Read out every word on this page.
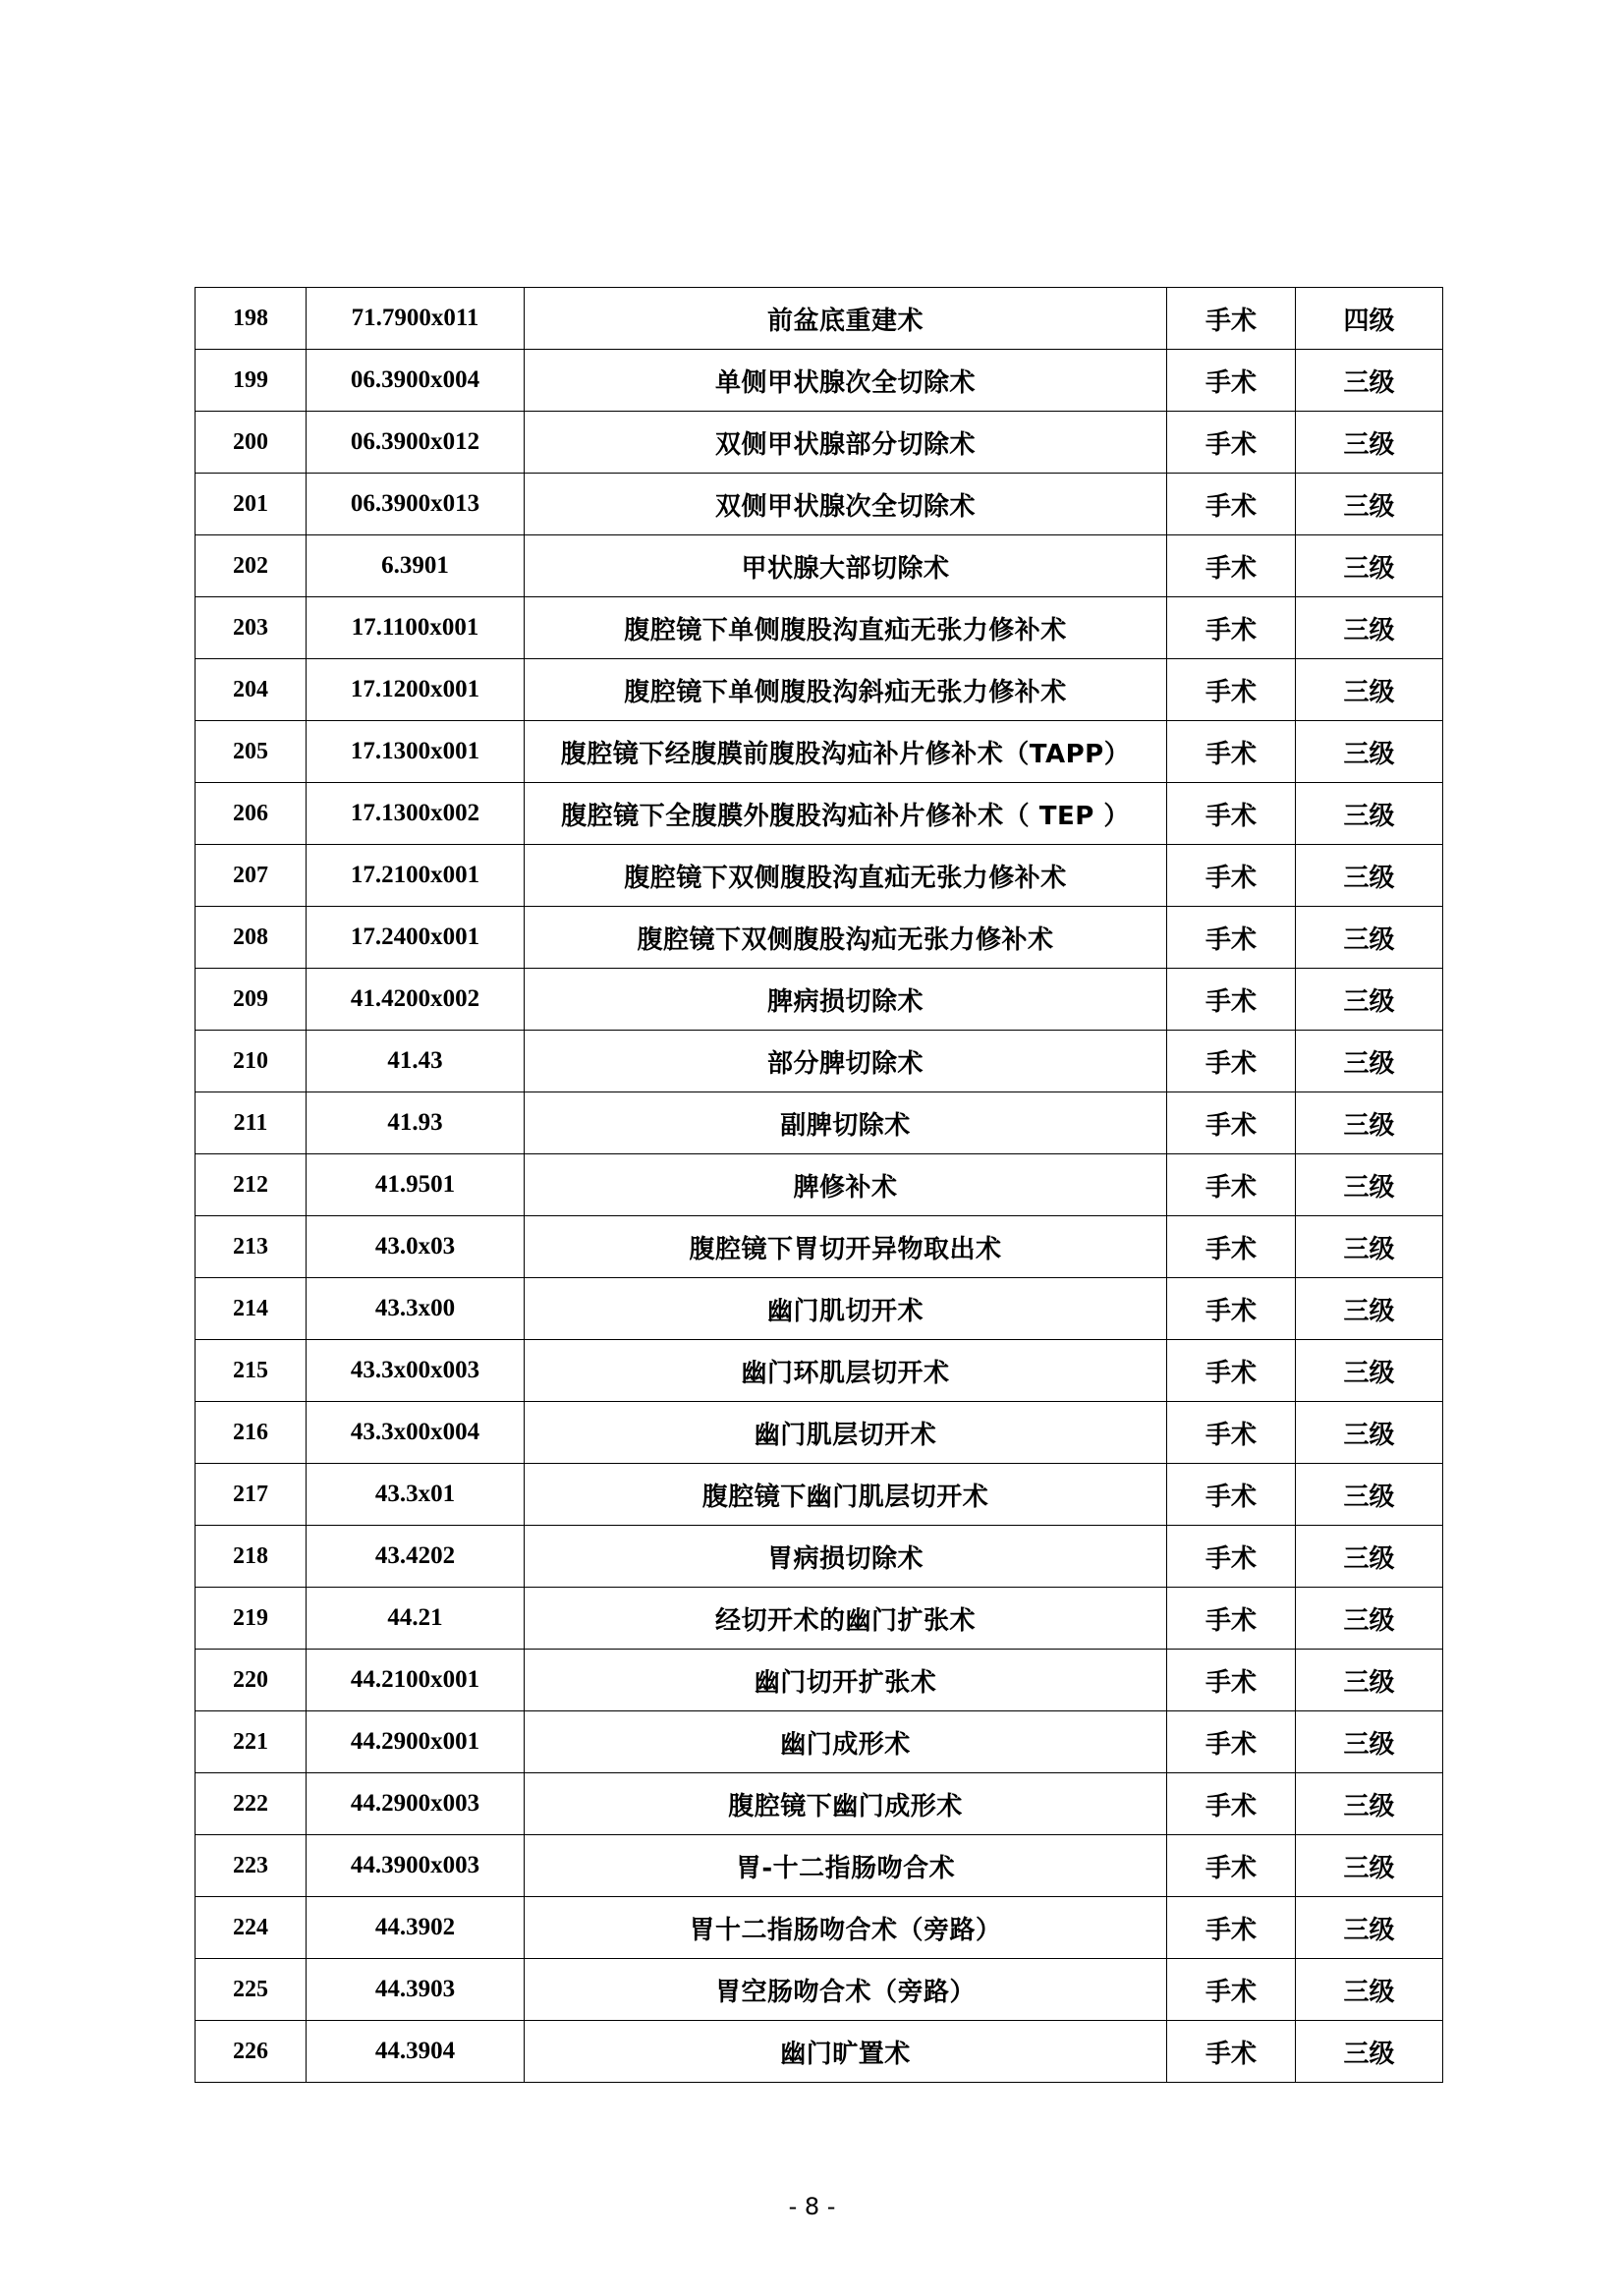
198	71.7900x011	前盆底重建术	手术	四级
199	06.3900x004	单侧甲状腺次全切除术	手术	三级
200	06.3900x012	双侧甲状腺部分切除术	手术	三级
201	06.3900x013	双侧甲状腺次全切除术	手术	三级
202	6.3901	甲状腺大部切除术	手术	三级
203	17.1100x001	腹腔镜下单侧腹股沟直疝无张力修补术	手术	三级
204	17.1200x001	腹腔镜下单侧腹股沟斜疝无张力修补术	手术	三级
205	17.1300x001	腹腔镜下经腹膜前腹股沟疝补片修补术（TAPP）	手术	三级
206	17.1300x002	腹腔镜下全腹膜外腹股沟疝补片修补术（ TEP ）	手术	三级
207	17.2100x001	腹腔镜下双侧腹股沟直疝无张力修补术	手术	三级
208	17.2400x001	腹腔镜下双侧腹股沟疝无张力修补术	手术	三级
209	41.4200x002	脾病损切除术	手术	三级
210	41.43	部分脾切除术	手术	三级
211	41.93	副脾切除术	手术	三级
212	41.9501	脾修补术	手术	三级
213	43.0x03	腹腔镜下胃切开异物取出术	手术	三级
214	43.3x00	幽门肌切开术	手术	三级
215	43.3x00x003	幽门环肌层切开术	手术	三级
216	43.3x00x004	幽门肌层切开术	手术	三级
217	43.3x01	腹腔镜下幽门肌层切开术	手术	三级
218	43.4202	胃病损切除术	手术	三级
219	44.21	经切开术的幽门扩张术	手术	三级
220	44.2100x001	幽门切开扩张术	手术	三级
221	44.2900x001	幽门成形术	手术	三级
222	44.2900x003	腹腔镜下幽门成形术	手术	三级
223	44.3900x003	胃-十二指肠吻合术	手术	三级
224	44.3902	胃十二指肠吻合术（旁路）	手术	三级
225	44.3903	胃空肠吻合术（旁路）	手术	三级
226	44.3904	幽门旷置术	手术	三级
- 8 -
